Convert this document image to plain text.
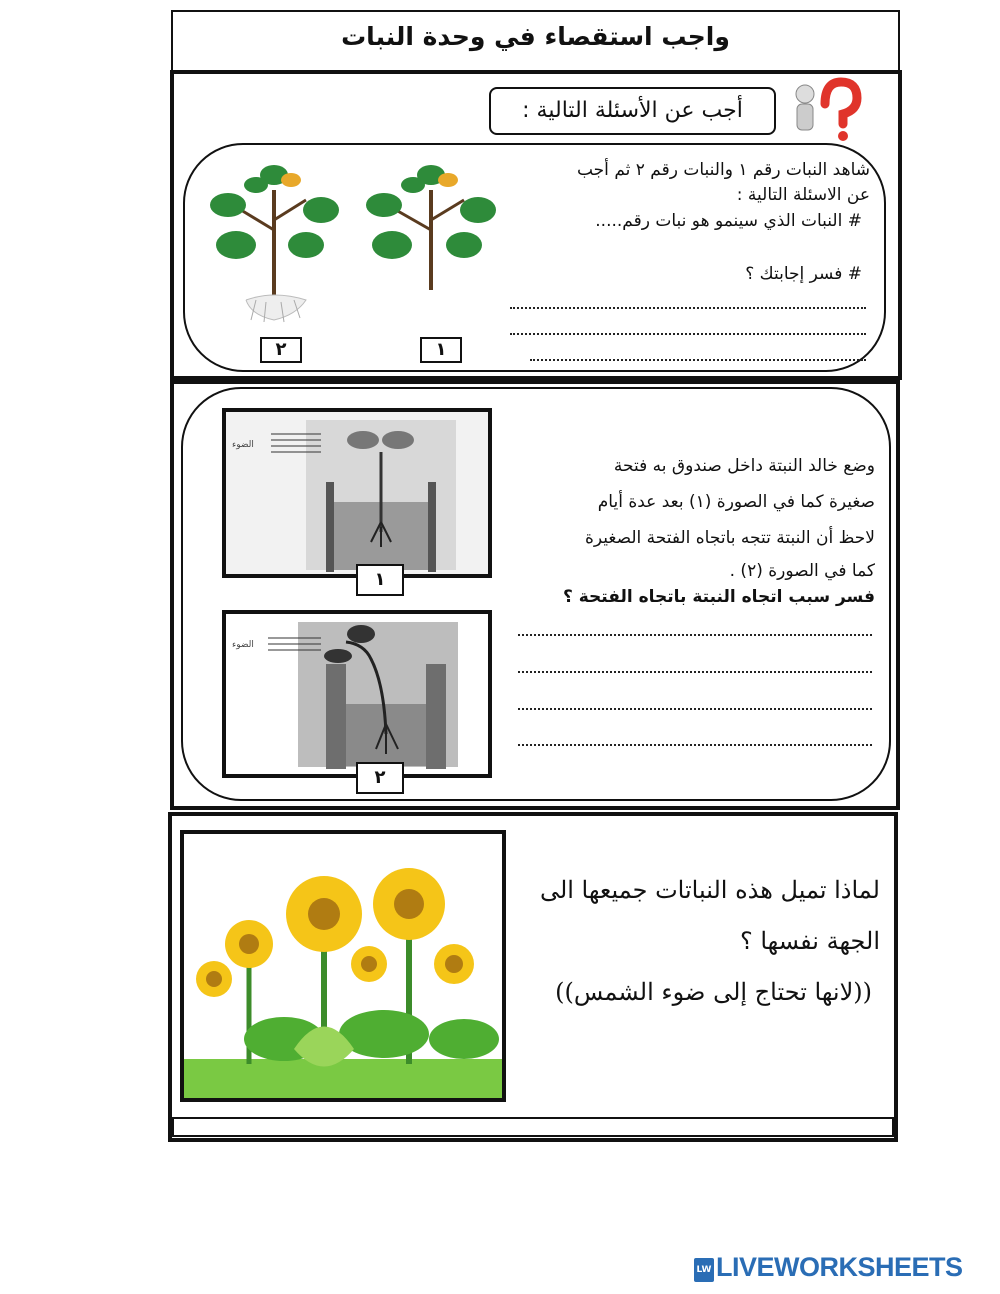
واجب استقصاء في وحدة النبات
أجب عن الأسئلة التالية :
٢	١
شاهد النبات رقم ١ والنبات رقم ٢ ثم أجب
عن الاسئلة التالية :
# النبات الذي سينمو هو نبات رقم.....
# فسر إجابتك ؟
الضوء
١
الضوء
٢
وضع خالد النبتة داخل صندوق به فتحة
صغيرة كما في الصورة (١) بعد عدة أيام
لاحظ أن النبتة تتجه باتجاه الفتحة الصغيرة
كما في الصورة (٢) .
فسر سبب اتجاه النبتة باتجاه الفتحة ؟
لماذا تميل هذه النباتات جميعها الى
الجهة نفسها ؟
((لانها تحتاج إلى ضوء الشمس))
LW LIVEWORKSHEETS
